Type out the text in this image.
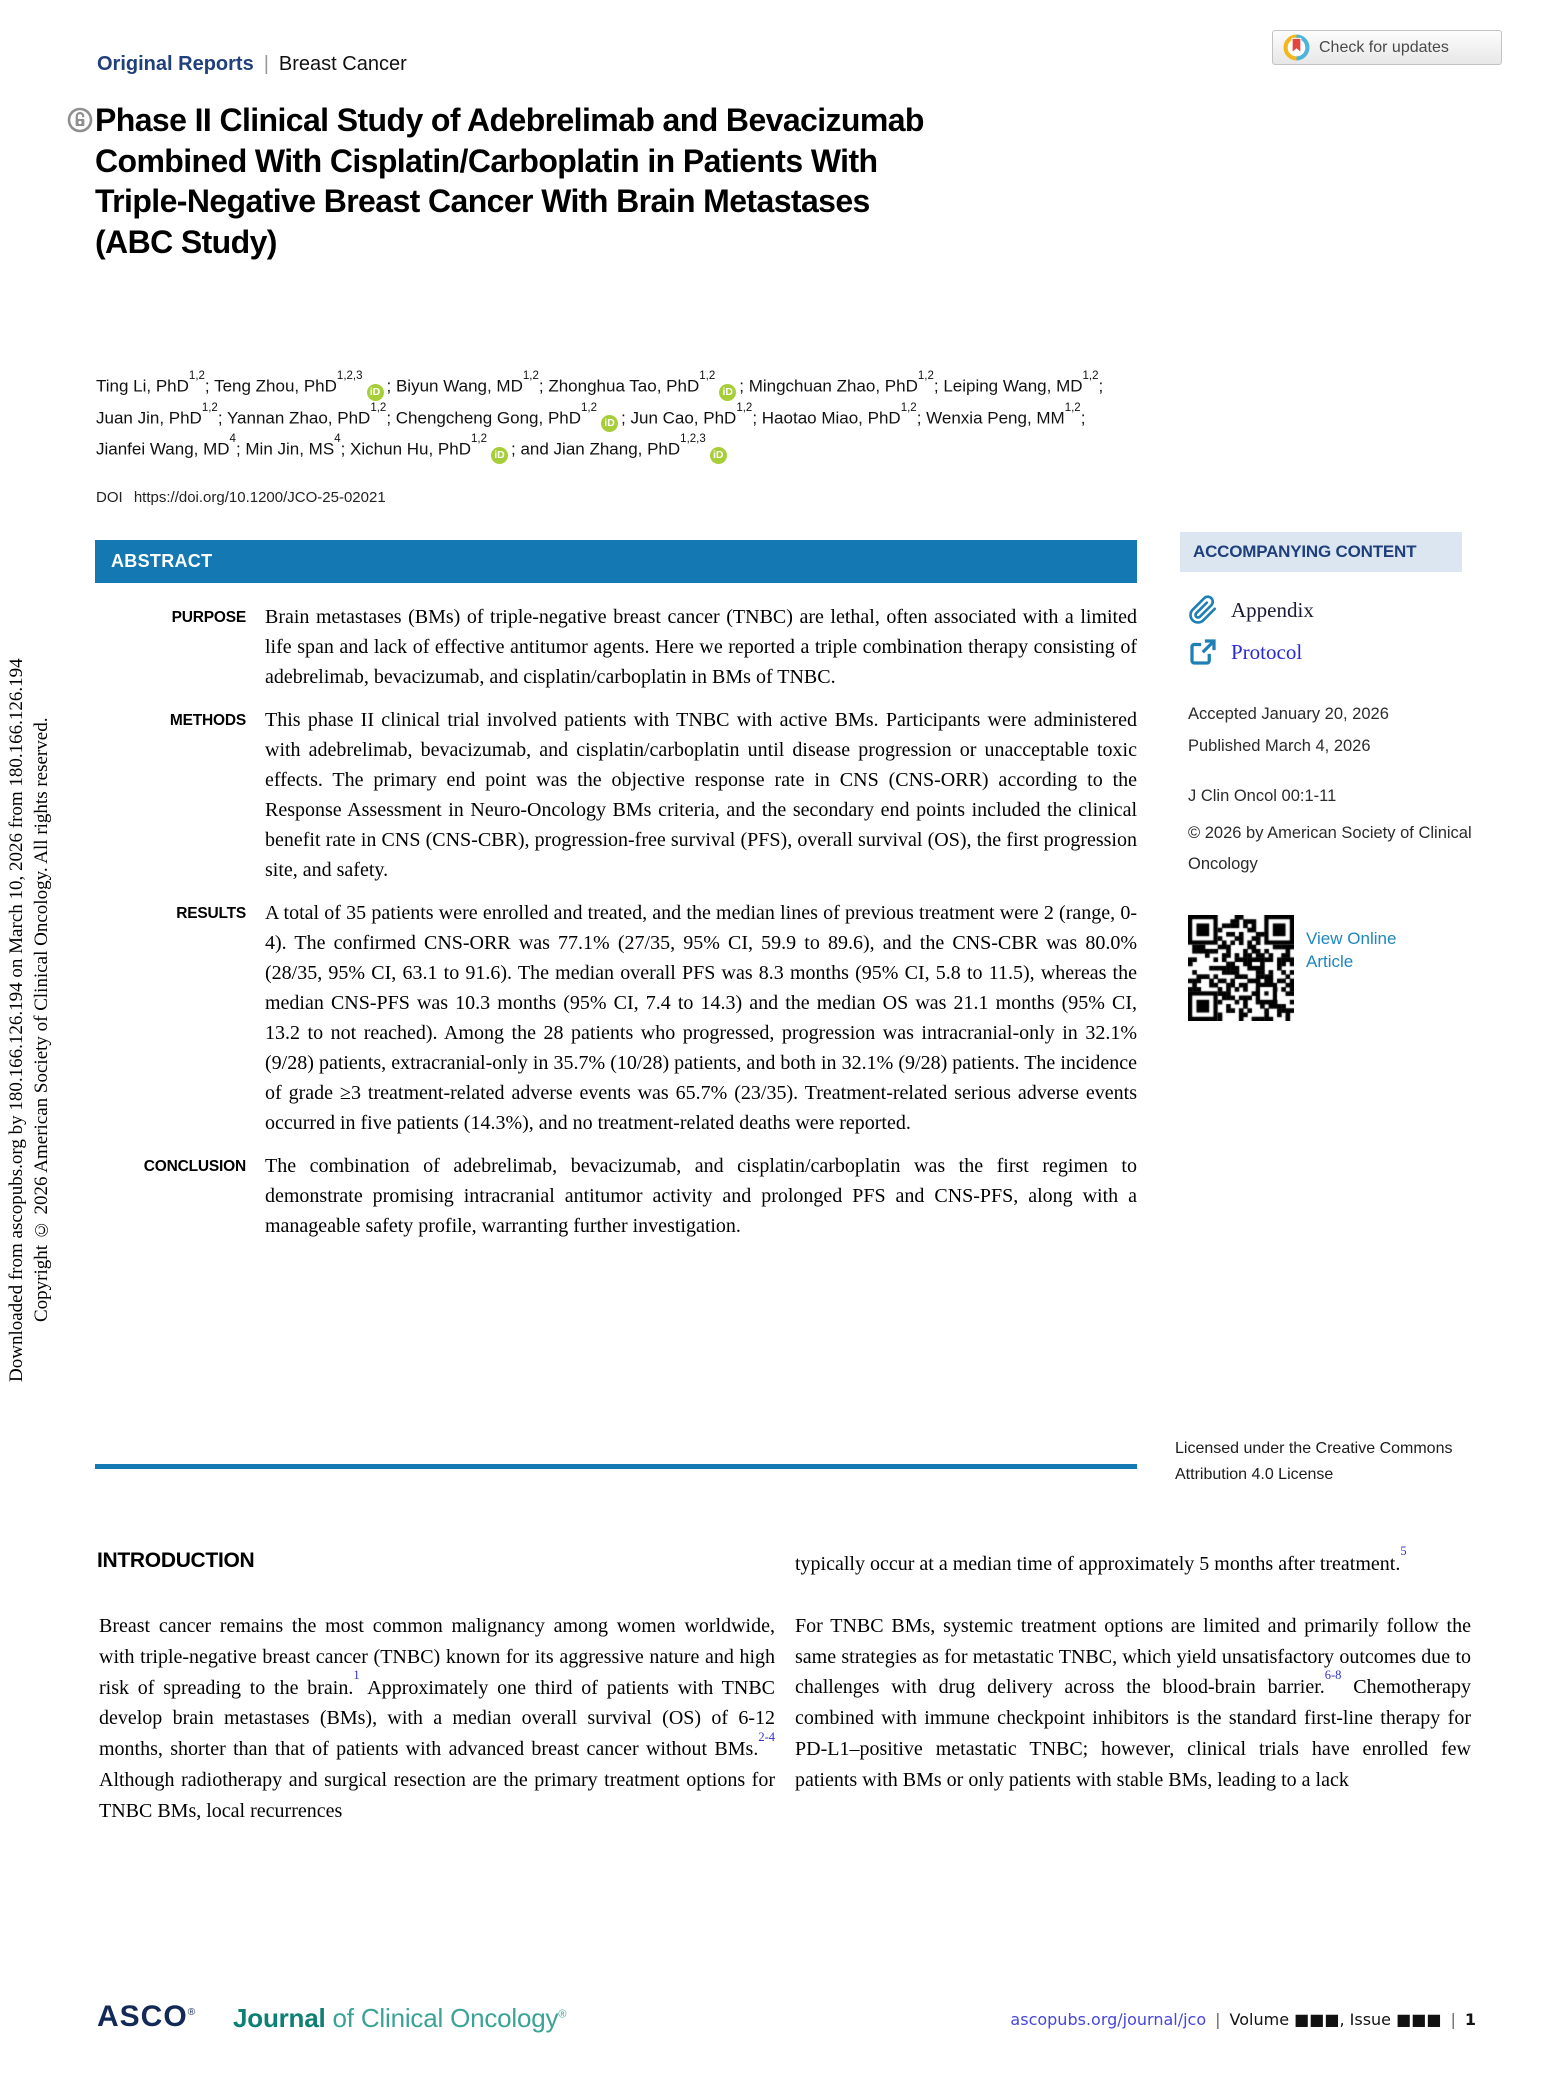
Downloaded from ascopubs.org by 180.166.126.194 on March 10, 2026 from 180.166.126.194 Copyright © 2026 American Society of Clinical Oncology. All rights reserved.
Original Reports | Breast Cancer
Check for updates
Phase II Clinical Study of Adebrelimab and Bevacizumab
Combined With Cisplatin/Carboplatin in Patients With
Triple-Negative Breast Cancer With Brain Metastases
(ABC Study)
Ting Li, PhD$^{1,2}$; Teng Zhou, PhD$^{1,2,3}$iD ; Biyun Wang, MD$^{1,2}$; Zhonghua Tao, PhD$^{1,2}$iD ; Mingchuan Zhao, PhD$^{1,2}$; Leiping Wang, MD$^{1,2}$;
Juan Jin, PhD$^{1,2}$; Yannan Zhao, PhD$^{1,2}$; Chengcheng Gong, PhD$^{1,2}$iD ; Jun Cao, PhD$^{1,2}$; Haotao Miao, PhD$^{1,2}$; Wenxia Peng, MM$^{1,2}$;
Jianfei Wang, $MD^4$; Min Jin, $MS^4$; Xichun Hu, PhD$^{1,2}$iD ; and Jian Zhang, PhD$^{1,2,3}$iD
DOI https://doi.org/10.1200/JCO-25-02021
ABSTRACT
PURPOSE Brain metastases (BMs) of triple-negative breast cancer (TNBC) are lethal, often associated with a limited life span and lack of effective antitumor agents. Here we reported a triple combination therapy consisting of adebrelimab, bevacizumab, and cisplatin/carboplatin in BMs of TNBC.
METHODS This phase II clinical trial involved patients with TNBC with active BMs. Participants were administered with adebrelimab, bevacizumab, and cisplatin/carboplatin until disease progression or unacceptable toxic effects. The primary end point was the objective response rate in CNS (CNS-ORR) according to the Response Assessment in Neuro-Oncology BMs criteria, and the secondary end points included the clinical benefit rate in CNS (CNS-CBR), progression-free survival (PFS), overall survival (OS), the first progression site, and safety.
RESULTS A total of 35 patients were enrolled and treated, and the median lines of previous treatment were 2 (range, 0-4). The confirmed CNS-ORR was 77.1% (27/35, 95% CI, 59.9 to 89.6), and the CNS-CBR was 80.0% (28/35, 95% CI, 63.1 to 91.6). The median overall PFS was 8.3 months (95% CI, 5.8 to 11.5), whereas the median CNS-PFS was 10.3 months (95% CI, 7.4 to 14.3) and the median OS was 21.1 months (95% CI, 13.2 to not reached). Among the 28 patients who progressed, progression was intracranial-only in 32.1% (9/28) patients, extracranial-only in 35.7% (10/28) patients, and both in 32.1% (9/28) patients. The incidence of grade ≥3 treatment-related adverse events was 65.7% (23/35). Treatment-related serious adverse events occurred in five patients (14.3%), and no treatment-related deaths were reported.
CONCLUSION The combination of adebrelimab, bevacizumab, and cisplatin/carboplatin was the first regimen to demonstrate promising intracranial antitumor activity and prolonged PFS and CNS-PFS, along with a manageable safety profile, warranting further investigation.
ACCOMPANYING CONTENT
Appendix
Protocol
Accepted January 20, 2026
Published March 4, 2026
J Clin Oncol 00:1-11
© 2026 by American Society of Clinical Oncology
View Online Article
Licensed under the Creative Commons Attribution 4.0 License
INTRODUCTION

Breast cancer remains the most common malignancy among women worldwide, with triple-negative breast cancer (TNBC) known for its aggressive nature and high risk of spreading to the brain.$^1$ Approximately one third of patients with TNBC develop brain metastases (BMs), with a median overall survival (OS) of 6-12 months, shorter than that of patients with advanced breast cancer without BMs.$^{2-4}$ Although radiotherapy and surgical resection are the primary treatment options for TNBC BMs, local recurrences

typically occur at a median time of approximately 5 months after treatment.$^5$

For TNBC BMs, systemic treatment options are limited and primarily follow the same strategies as for metastatic TNBC, which yield unsatisfactory outcomes due to challenges with drug delivery across the blood-brain barrier.$^{6-8}$ Chemotherapy combined with immune checkpoint inhibitors is the standard first-line therapy for PD-L1–positive metastatic TNBC; however, clinical trials have enrolled few patients with BMs or only patients with stable BMs, leading to a lack

ASCO® Journal of Clinical Oncology®	ascopubs.org/journal/jco | Volume ■■■, Issue ■■■ | 1
